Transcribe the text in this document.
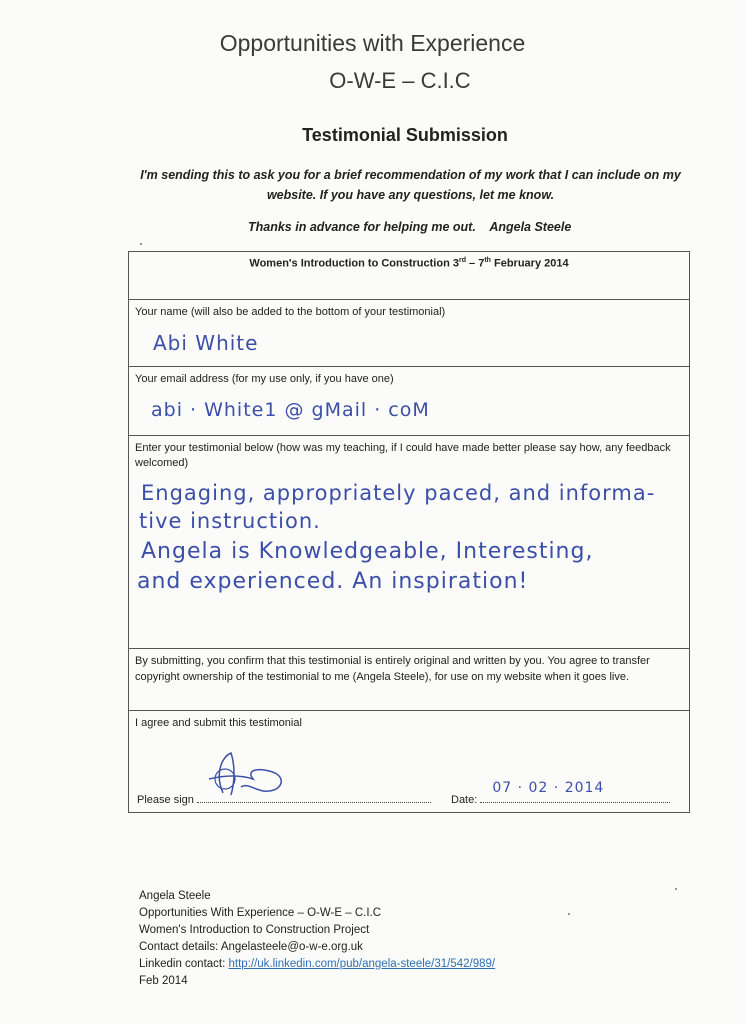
Opportunities with Experience
O-W-E – C.I.C
Testimonial Submission
I'm sending this to ask you for a brief recommendation of my work that I can include on my website. If you have any questions, let me know.
Thanks in advance for helping me out. Angela Steele
Women's Introduction to Construction 3rd – 7th February 2014
Your name (will also be added to the bottom of your testimonial)
Abi White
Your email address (for my use only, if you have one)
abi · White1 @ gMail · coM
Enter your testimonial below (how was my teaching, if I could have made better please say how, any feedback welcomed)
Engaging, appropriately paced, and informa-
tive instruction.
Angela is Knowledgeable, Interesting,
and experienced. An inspiration!
By submitting, you confirm that this testimonial is entirely original and written by you. You agree to transfer copyright ownership of the testimonial to me (Angela Steele), for use on my website when it goes live.
I agree and submit this testimonial
Please sign	Date:
07 · 02 · 2014
Angela Steele
Opportunities With Experience – O-W-E – C.I.C
Women's Introduction to Construction Project
Contact details: Angelasteele@o-w-e.org.uk
Linkedin contact: http://uk.linkedin.com/pub/angela-steele/31/542/989/
Feb 2014
